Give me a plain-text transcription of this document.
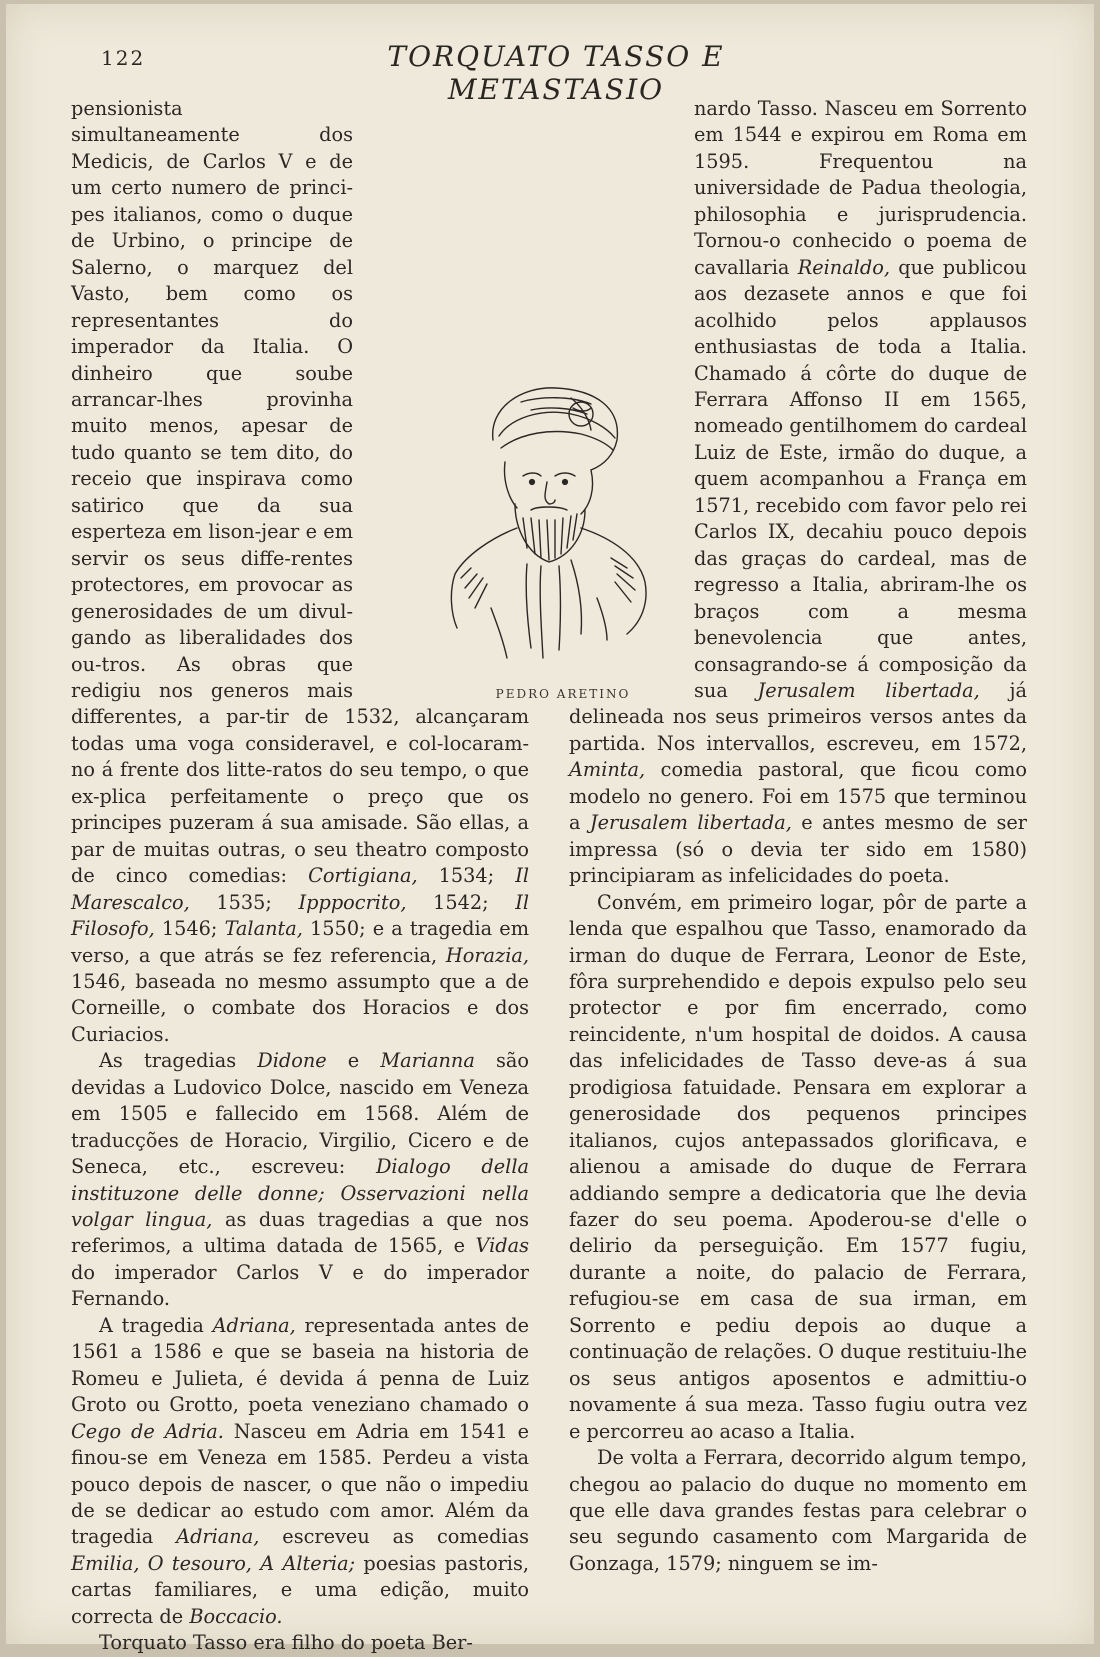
122	TORQUATO TASSO E METASTASIO

pensionista simultaneamente dos Medicis, de Carlos V e de um certo numero de princi-pes italianos, como o duque de Urbino, o principe de Salerno, o marquez del Vasto, bem como os representantes do imperador da Italia. O dinheiro que soube arrancar-lhes provinha muito menos, apesar de tudo quanto se tem dito, do receio que inspirava como satirico que da sua esperteza em lison-jear e em servir os seus diffe-rentes protectores, em provocar as generosidades de um divul-gando as liberalidades dos ou-tros. As obras que redigiu nos generos mais differentes, a par-tir de 1532, alcançaram todas uma voga consideravel, e col-locaram-no á frente dos litte-ratos do seu tempo, o que ex-plica perfeitamente o preço que os principes puzeram á sua amisade. São ellas, a par de muitas outras, o seu theatro composto de cinco comedias: Cortigiana, 1534; Il Marescalco, 1535; Ipppocrito, 1542; Il Filosofo, 1546; Talanta, 1550; e a tragedia em verso, a que atrás se fez referencia, Horazia, 1546, baseada no mesmo assumpto que a de Corneille, o combate dos Horacios e dos Curiacios.

As tragedias Didone e Marianna são devidas a Ludovico Dolce, nascido em Veneza em 1505 e fallecido em 1568. Além de traducções de Horacio, Virgilio, Cicero e de Seneca, etc., escreveu: Dialogo della instituzone delle donne; Osservazioni nella volgar lingua, as duas tragedias a que nos referimos, a ultima datada de 1565, e Vidas do imperador Carlos V e do imperador Fernando.

A tragedia Adriana, representada antes de 1561 a 1586 e que se baseia na historia de Romeu e Julieta, é devida á penna de Luiz Groto ou Grotto, poeta veneziano chamado o Cego de Adria. Nasceu em Adria em 1541 e finou-se em Veneza em 1585. Perdeu a vista pouco depois de nascer, o que não o impediu de se dedicar ao estudo com amor. Além da tragedia Adriana, escreveu as comedias Emilia, O tesouro, A Alteria; poesias pastoris, cartas familiares, e uma edição, muito correcta de Boccacio.

Torquato Tasso era filho do poeta Ber-

nardo Tasso. Nasceu em Sorrento em 1544 e expirou em Roma em 1595. Frequentou na universidade de Padua theologia, philosophia e jurisprudencia. Tornou-o conhecido o poema de cavallaria Reinaldo, que publicou aos dezasete annos e que foi acolhido pelos applausos enthusiastas de toda a Italia. Chamado á côrte do duque de Ferrara Affonso II em 1565, nomeado gentilhomem do cardeal Luiz de Este, irmão do duque, a quem acompanhou a França em 1571, recebido com favor pelo rei Carlos IX, decahiu pouco depois das graças do cardeal, mas de regresso a Italia, abriram-lhe os braços com a mesma benevolencia que antes, consagrando-se á composição da sua Jerusalem libertada, já delineada nos seus primeiros versos antes da partida. Nos intervallos, escreveu, em 1572, Aminta, comedia pastoral, que ficou como modelo no genero. Foi em 1575 que terminou a Jerusalem libertada, e antes mesmo de ser impressa (só o devia ter sido em 1580) principiaram as infelicidades do poeta.

Convém, em primeiro logar, pôr de parte a lenda que espalhou que Tasso, enamorado da irman do duque de Ferrara, Leonor de Este, fôra surprehendido e depois expulso pelo seu protector e por fim encerrado, como reincidente, n'um hospital de doidos. A causa das infelicidades de Tasso deve-as á sua prodigiosa fatuidade. Pensara em explorar a generosidade dos pequenos principes italianos, cujos antepassados glorificava, e alienou a amisade do duque de Ferrara addiando sempre a dedicatoria que lhe devia fazer do seu poema. Apoderou-se d'elle o delirio da perseguição. Em 1577 fugiu, durante a noite, do palacio de Ferrara, refugiou-se em casa de sua irman, em Sorrento e pediu depois ao duque a continuação de relações. O duque restituiu-lhe os seus antigos aposentos e admittiu-o novamente á sua meza. Tasso fugiu outra vez e percorreu ao acaso a Italia.

De volta a Ferrara, decorrido algum tempo, chegou ao palacio do duque no momento em que elle dava grandes festas para celebrar o seu segundo casamento com Margarida de Gonzaga, 1579; ninguem se im-

PEDRO ARETINO
